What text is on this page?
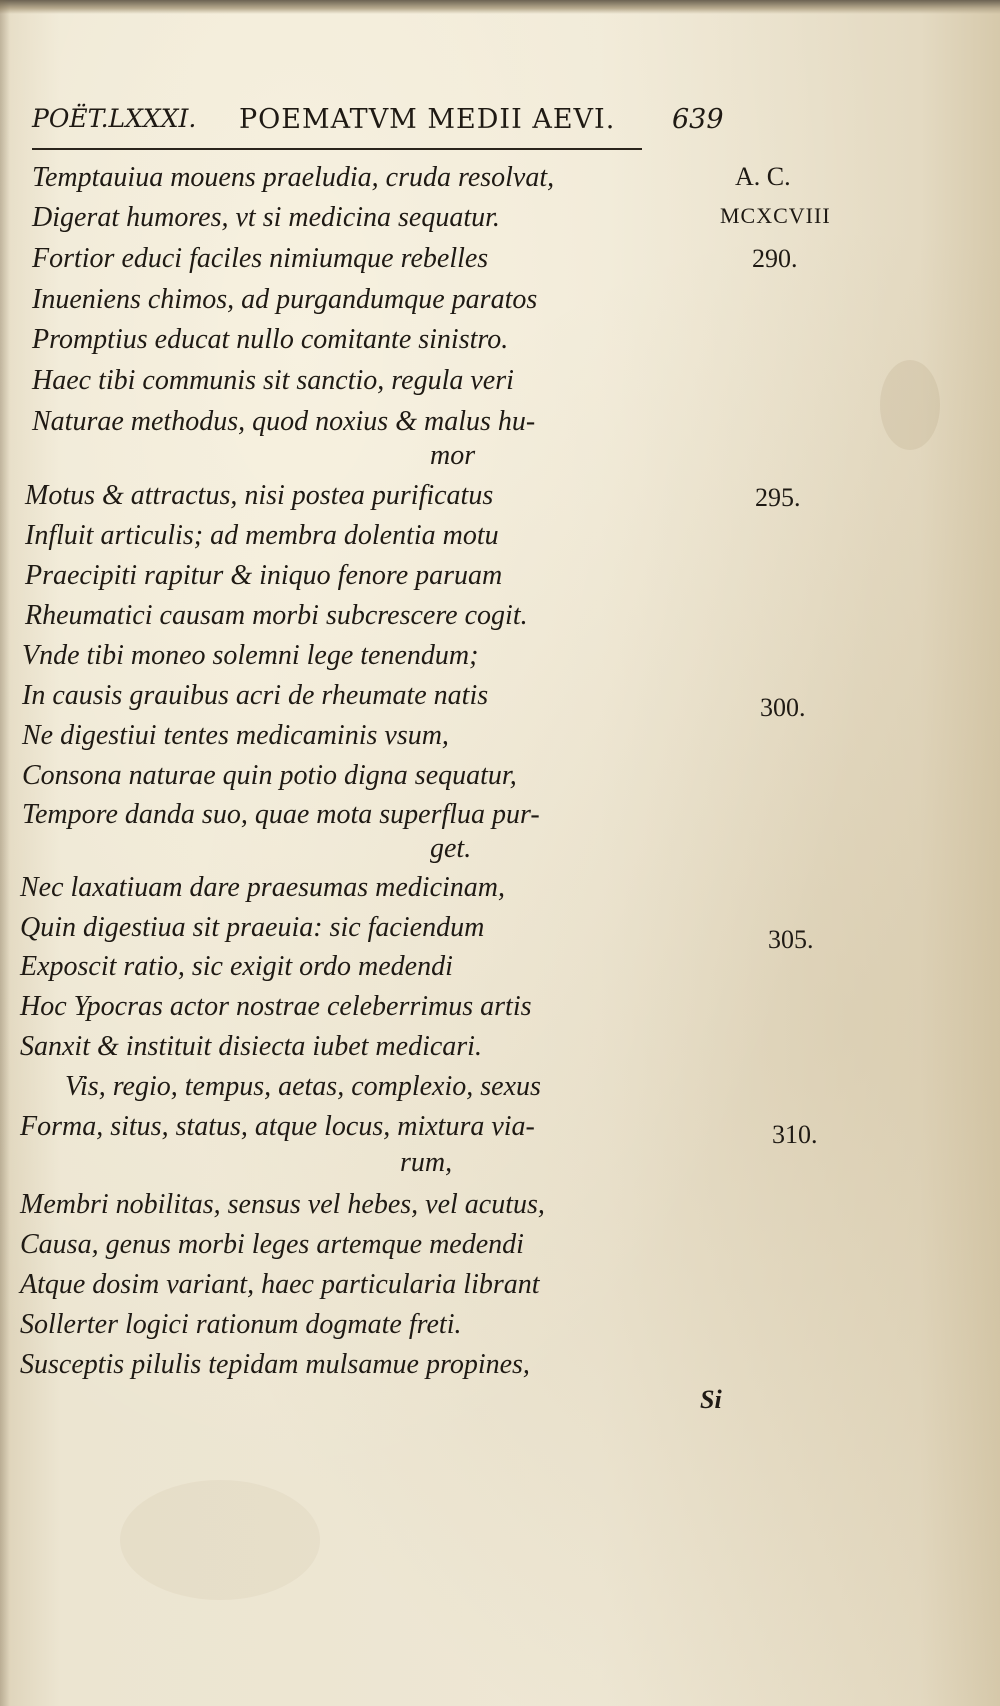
POËT.LXXXI. POEMATVM MEDII AEVI. 639
Temptauiua mouens praeludia, cruda resolvat,
Digerat humores, vt si medicina sequatur.
Fortior educi faciles nimiumque rebelles
Inueniens chimos, ad purgandumque paratos
Promptius educat nullo comitante sinistro.
Haec tibi communis sit sanctio, regula veri
Naturae methodus, quod noxius & malus hu-
mor
Motus & attractus, nisi postea purificatus
Influit articulis; ad membra dolentia motu
Praecipiti rapitur & iniquo fenore paruam
Rheumatici causam morbi subcrescere cogit.
Vnde tibi moneo solemni lege tenendum;
In causis grauibus acri de rheumate natis
Ne digestiui tentes medicaminis vsum,
Consona naturae quin potio digna sequatur,
Tempore danda suo, quae mota superflua pur-
get.
Nec laxatiuam dare praesumas medicinam,
Quin digestiua sit praeuia: sic faciendum
Exposcit ratio, sic exigit ordo medendi
Hoc Ypocras actor nostrae celeberrimus artis
Sanxit & instituit disiecta iubet medicari.
Vis, regio, tempus, aetas, complexio, sexus
Forma, situs, status, atque locus, mixtura via-
rum,
Membri nobilitas, sensus vel hebes, vel acutus,
Causa, genus morbi leges artemque medendi
Atque dosim variant, haec particularia librant
Sollerter logici rationum dogmate freti.
Susceptis pilulis tepidam mulsamue propines,
A. C.
MCXCVIII
290.
295.
300.
305.
310.
Si
